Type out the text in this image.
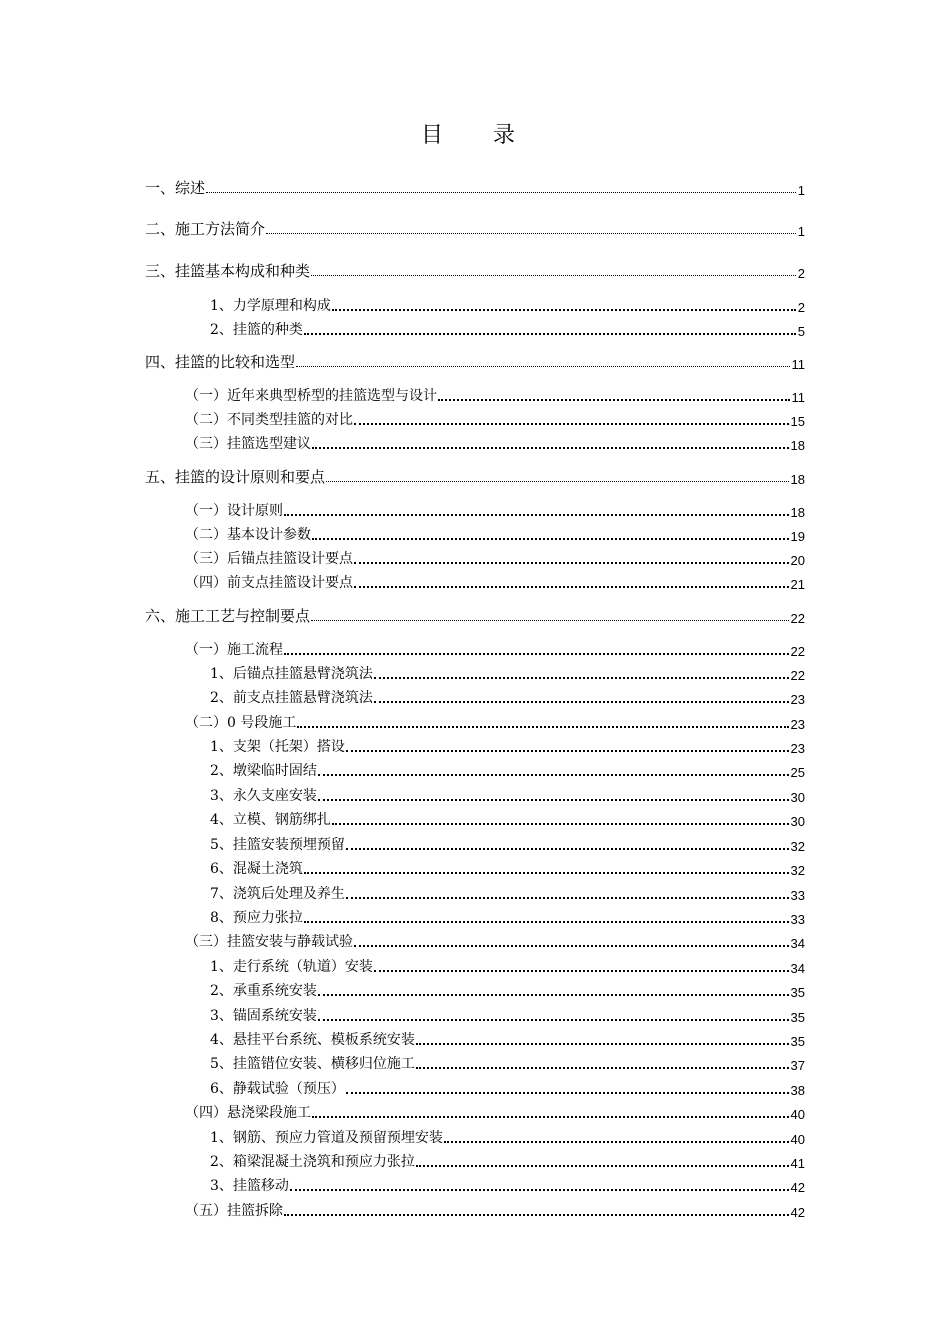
目　录
一、综述	1
二、施工方法简介	1
三、挂篮基本构成和种类	2
1、力学原理和构成	2
2、挂篮的种类	5
四、挂篮的比较和选型	11
（一）近年来典型桥型的挂篮选型与设计	11
（二）不同类型挂篮的对比	15
（三）挂篮选型建议	18
五、挂篮的设计原则和要点	18
（一）设计原则	18
（二）基本设计参数	19
（三）后锚点挂篮设计要点	20
（四）前支点挂篮设计要点	21
六、施工工艺与控制要点	22
（一）施工流程	22
1、后锚点挂篮悬臂浇筑法	22
2、前支点挂篮悬臂浇筑法	23
（二）0 号段施工	23
1、支架（托架）搭设	23
2、墩梁临时固结	25
3、永久支座安装	30
4、立模、钢筋绑扎	30
5、挂篮安装预埋预留	32
6、混凝土浇筑	32
7、浇筑后处理及养生	33
8、预应力张拉	33
（三）挂篮安装与静载试验	34
1、走行系统（轨道）安装	34
2、承重系统安装	35
3、锚固系统安装	35
4、悬挂平台系统、模板系统安装	35
5、挂篮错位安装、横移归位施工	37
6、静载试验（预压）	38
（四）悬浇梁段施工	40
1、钢筋、预应力管道及预留预埋安装	40
2、箱梁混凝土浇筑和预应力张拉	41
3、挂篮移动	42
（五）挂篮拆除	42
